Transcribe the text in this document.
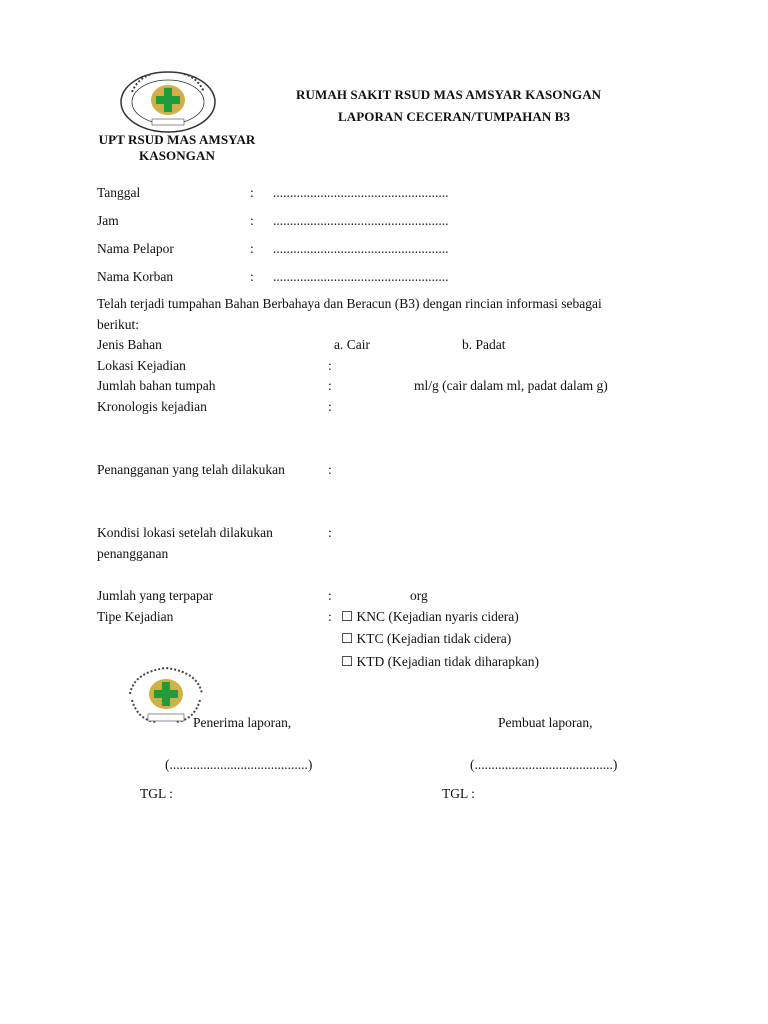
UPT RSUD MAS AMSYAR
KASONGAN
RUMAH SAKIT RSUD MAS AMSYAR KASONGAN
LAPORAN CECERAN/TUMPAHAN B3
Tanggal	: ....................................................
Jam	: ....................................................
Nama Pelapor	: ....................................................
Nama Korban	: ....................................................
Telah terjadi tumpahan Bahan Berbahaya dan Beracun (B3) dengan rincian informasi sebagai
berikut:
Jenis Bahan	a. Cair	b. Padat
Lokasi Kejadian	:
Jumlah bahan tumpah	:	ml/g (cair dalam ml, padat dalam g)
Kronologis kejadian	:
Penangganan yang telah dilakukan	:
Kondisi lokasi setelah dilakukan	:
penangganan
Jumlah yang terpapar	:	org
Tipe Kejadian	: ☐ KNC (Kejadian nyaris cidera)
☐ KTC (Kejadian tidak cidera)
☐ KTD (Kejadian tidak diharapkan)
Penerima laporan,	Pembuat laporan,
(.........................................)	(.........................................)
TGL :	TGL :
